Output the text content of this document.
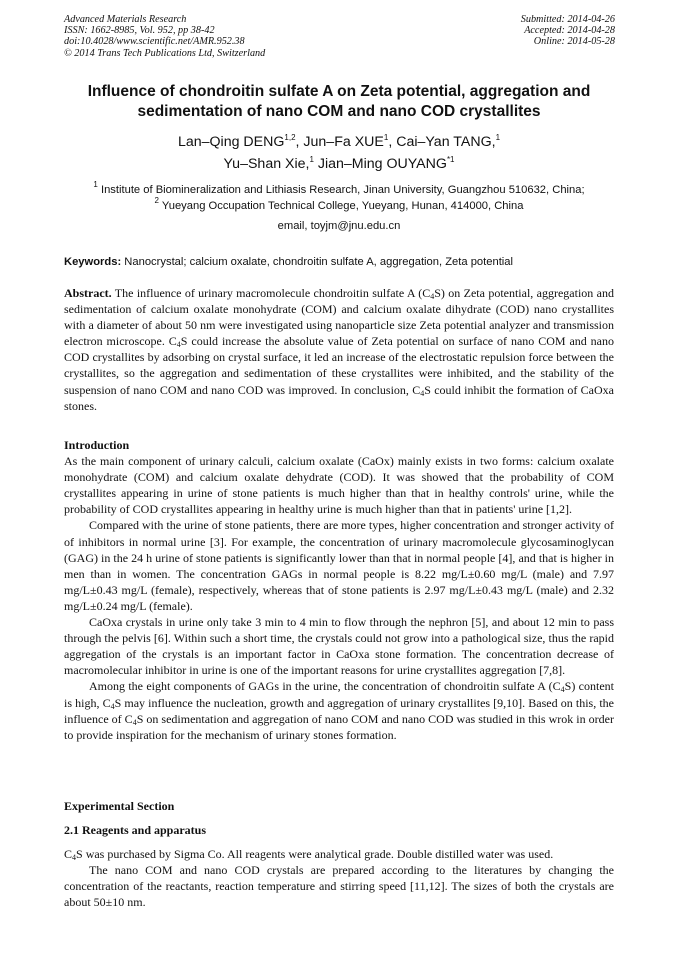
Advanced Materials Research
ISSN: 1662-8985, Vol. 952, pp 38-42
doi:10.4028/www.scientific.net/AMR.952.38
© 2014 Trans Tech Publications Ltd, Switzerland
Submitted: 2014-04-26
Accepted: 2014-04-28
Online: 2014-05-28
Influence of chondroitin sulfate A on Zeta potential, aggregation and
sedimentation of nano COM and nano COD crystallites
Lan–Qing DENG$^{1,2}$, Jun–Fa XUE$^1$, Cai–Yan TANG,$^1$
Yu–Shan Xie,$^1$ Jian–Ming OUYANG$^{*1}$
$^1$ Institute of Biomineralization and Lithiasis Research, Jinan University, Guangzhou 510632, China;
$^2$ Yueyang Occupation Technical College, Yueyang, Hunan, 414000, China
email, toyjm@jnu.edu.cn
Keywords: Nanocrystal; calcium oxalate, chondroitin sulfate A, aggregation, Zeta potential

Abstract. The influence of urinary macromolecule chondroitin sulfate A $(C_4S)$ on Zeta potential, aggregation and sedimentation of calcium oxalate monohydrate (COM) and calcium oxalate dihydrate (COD) nano crystallites with a diameter of about 50 nm were investigated using nanoparticle size Zeta potential analyzer and transmission electron microscope. $C_4S$ could increase the absolute value of Zeta potential on surface of nano COM and nano COD crystallites by adsorbing on crystal surface, it led an increase of the electrostatic repulsion force between the crystallites, so the aggregation and sedimentation of these crystallites were inhibited, and the stability of the suspension of nano COM and nano COD was improved. In conclusion, $C_4S$ could inhibit the formation of CaOxa stones.

Introduction

As the main component of urinary calculi, calcium oxalate (CaOx) mainly exists in two forms: calcium oxalate monohydrate (COM) and calcium oxalate dehydrate (COD). It was showed that the probability of COM crystallites appearing in urine of stone patients is much higher than that in healthy controls' urine, while the probability of COD crystallites appearing in healthy urine is much higher than that in patients' urine [1,2].

Compared with the urine of stone patients, there are more types, higher concentration and stronger activity of of inhibitors in normal urine [3]. For example, the concentration of urinary macromolecule glycosaminoglycan (GAG) in the 24 h urine of stone patients is significantly lower than that in normal people [4], and that is higher in men than in women. The concentration GAGs in normal people is 8.22 mg/L±0.60 mg/L (male) and 7.97 mg/L±0.43 mg/L (female), respectively, whereas that of stone patients is 2.97 mg/L±0.43 mg/L (male) and 2.32 mg/L±0.24 mg/L (female).

CaOxa crystals in urine only take 3 min to 4 min to flow through the nephron [5], and about 12 min to pass through the pelvis [6]. Within such a short time, the crystals could not grow into a pathological size, thus the rapid aggregation of the crystals is an important factor in CaOxa stone formation. The concentration decrease of macromolecular inhibitor in urine is one of the important reasons for urine crystallites aggregation [7,8].

Among the eight components of GAGs in the urine, the concentration of chondroitin sulfate A $(C_4S)$ content is high, $C_4S$ may influence the nucleation, growth and aggregation of urinary crystallites [9,10]. Based on this, the influence of $C_4S$ on sedimentation and aggregation of nano COM and nano COD was studied in this wrok in order to provide inspiration for the mechanism of urinary stones formation.

Experimental Section

2.1 Reagents and apparatus

$C_4S$ was purchased by Sigma Co. All reagents were analytical grade. Double distilled water was used.

The nano COM and nano COD crystals are prepared according to the literatures by changing the concentration of the reactants, reaction temperature and stirring speed [11,12]. The sizes of both the crystals are about 50±10 nm.
